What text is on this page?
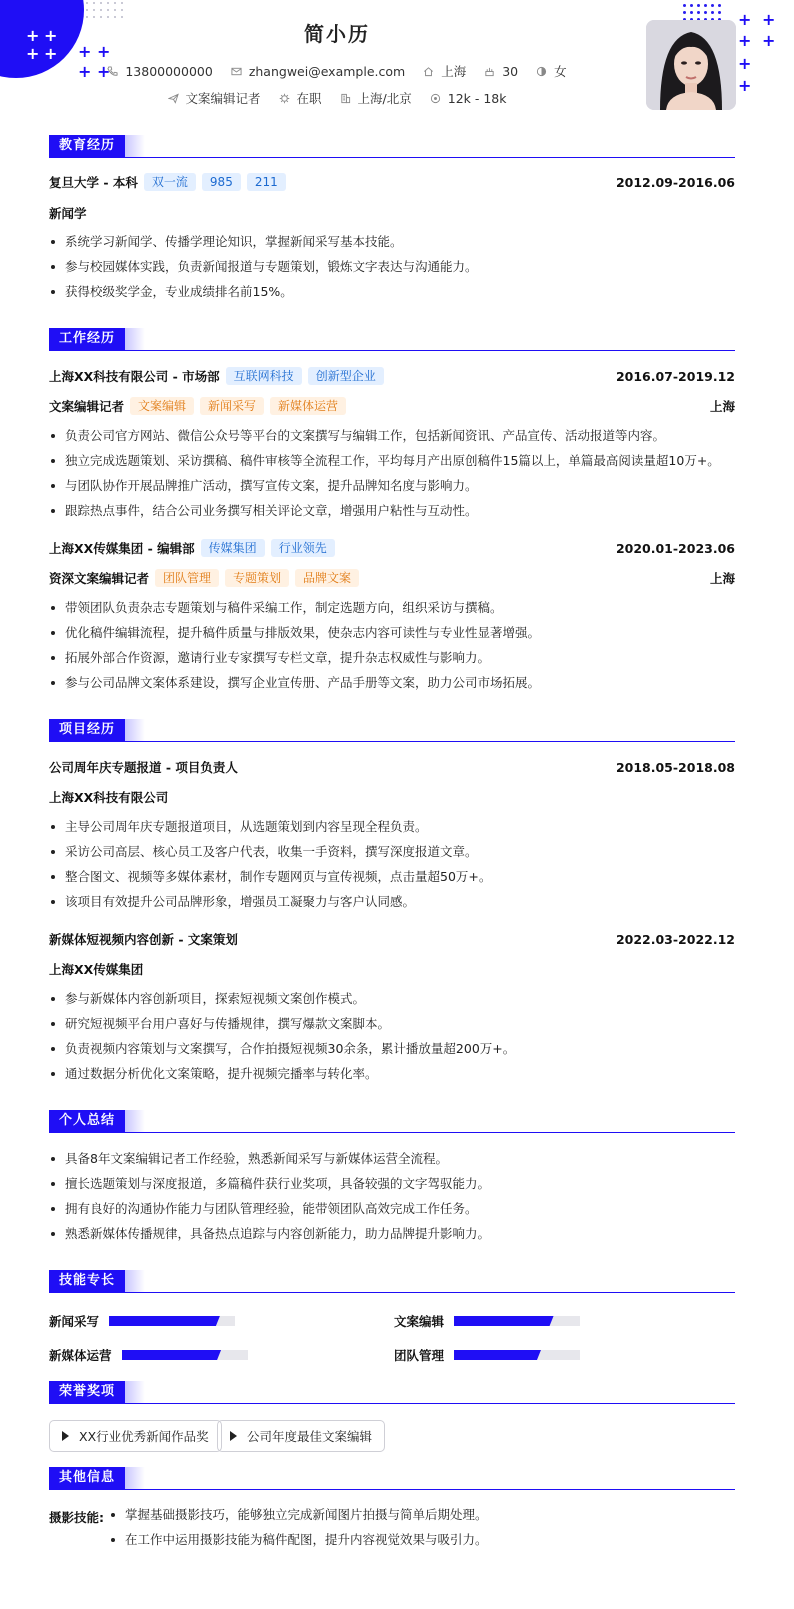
+ +
+ + + +
+ +
+ +
+ +
+
+
简小历
13800000000	zhangwei@example.com	上海	30	女
文案编辑记者	在职	上海/北京	12k - 18k
教育经历
复旦大学 - 本科	双一流	985	211	2012.09-2016.06
新闻学
系统学习新闻学、传播学理论知识，掌握新闻采写基本技能。
参与校园媒体实践，负责新闻报道与专题策划，锻炼文字表达与沟通能力。
获得校级奖学金，专业成绩排名前15%。
工作经历
上海XX科技有限公司 - 市场部	互联网科技	创新型企业	2016.07-2019.12
文案编辑记者	文案编辑	新闻采写	新媒体运营	上海
负责公司官方网站、微信公众号等平台的文案撰写与编辑工作，包括新闻资讯、产品宣传、活动报道等内容。
独立完成选题策划、采访撰稿、稿件审核等全流程工作，平均每月产出原创稿件15篇以上，单篇最高阅读量超10万+。
与团队协作开展品牌推广活动，撰写宣传文案，提升品牌知名度与影响力。
跟踪热点事件，结合公司业务撰写相关评论文章，增强用户粘性与互动性。
上海XX传媒集团 - 编辑部	传媒集团	行业领先	2020.01-2023.06
资深文案编辑记者	团队管理	专题策划	品牌文案	上海
带领团队负责杂志专题策划与稿件采编工作，制定选题方向，组织采访与撰稿。
优化稿件编辑流程，提升稿件质量与排版效果，使杂志内容可读性与专业性显著增强。
拓展外部合作资源，邀请行业专家撰写专栏文章，提升杂志权威性与影响力。
参与公司品牌文案体系建设，撰写企业宣传册、产品手册等文案，助力公司市场拓展。
项目经历
公司周年庆专题报道 - 项目负责人	2018.05-2018.08
上海XX科技有限公司
主导公司周年庆专题报道项目，从选题策划到内容呈现全程负责。
采访公司高层、核心员工及客户代表，收集一手资料，撰写深度报道文章。
整合图文、视频等多媒体素材，制作专题网页与宣传视频，点击量超50万+。
该项目有效提升公司品牌形象，增强员工凝聚力与客户认同感。
新媒体短视频内容创新 - 文案策划	2022.03-2022.12
上海XX传媒集团
参与新媒体内容创新项目，探索短视频文案创作模式。
研究短视频平台用户喜好与传播规律，撰写爆款文案脚本。
负责视频内容策划与文案撰写，合作拍摄短视频30余条，累计播放量超200万+。
通过数据分析优化文案策略，提升视频完播率与转化率。
个人总结
具备8年文案编辑记者工作经验，熟悉新闻采写与新媒体运营全流程。
擅长选题策划与深度报道，多篇稿件获行业奖项，具备较强的文字驾驭能力。
拥有良好的沟通协作能力与团队管理经验，能带领团队高效完成工作任务。
熟悉新媒体传播规律，具备热点追踪与内容创新能力，助力品牌提升影响力。
技能专长
新闻采写	文案编辑
新媒体运营	团队管理
荣誉奖项
XX行业优秀新闻作品奖	公司年度最佳文案编辑
其他信息
摄影技能:	掌握基础摄影技巧，能够独立完成新闻图片拍摄与简单后期处理。
在工作中运用摄影技能为稿件配图，提升内容视觉效果与吸引力。
